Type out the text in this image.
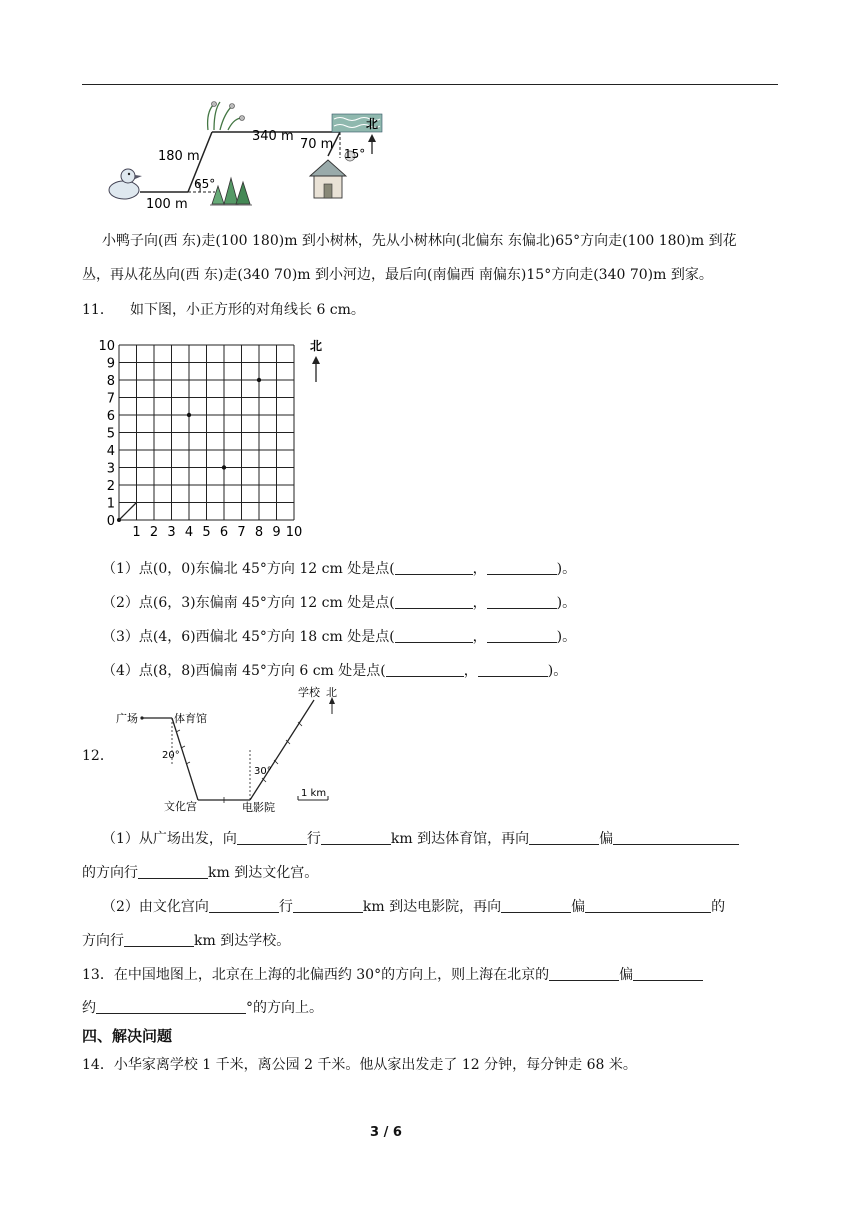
北
100 m
180 m
340 m
70 m
65°
15°
小鸭子向(西 东)走(100 180)m 到小树林，先从小树林向(北偏东 东偏北)65°方向走(100 180)m 到花
丛，再从花丛向(西 东)走(340 70)m 到小河边，最后向(南偏西 南偏东)15°方向走(340 70)m 到家。
11． 如下图，小正方形的对角线长 6 cm。
10
9
8
7
6
5
4
3
2
1
0
1 2 3 4 5 6 7 8 9 10
北
（1）点(0，0)东偏北 45°方向 12 cm 处是点(	，	)。
（2）点(6，3)东偏南 45°方向 12 cm 处是点(	，	)。
（3）点(4，6)西偏北 45°方向 18 cm 处是点(	，	)。
（4）点(8，8)西偏南 45°方向 6 cm 处是点(	，	)。
12．
广场	体育馆
学校 北
20°
30°
文化宫	电影院
1 km
（1）从广场出发，向	行	km 到达体育馆，再向	偏
的方向行	km 到达文化宫。
（2）由文化宫向	行	km 到达电影院，再向	偏	的
方向行	km 到达学校。
13．在中国地图上，北京在上海的北偏西约 30°的方向上，则上海在北京的	偏
约	°的方向上。
四、解决问题
14．小华家离学校 1 千米，离公园 2 千米。他从家出发走了 12 分钟，每分钟走 68 米。
3 / 6
